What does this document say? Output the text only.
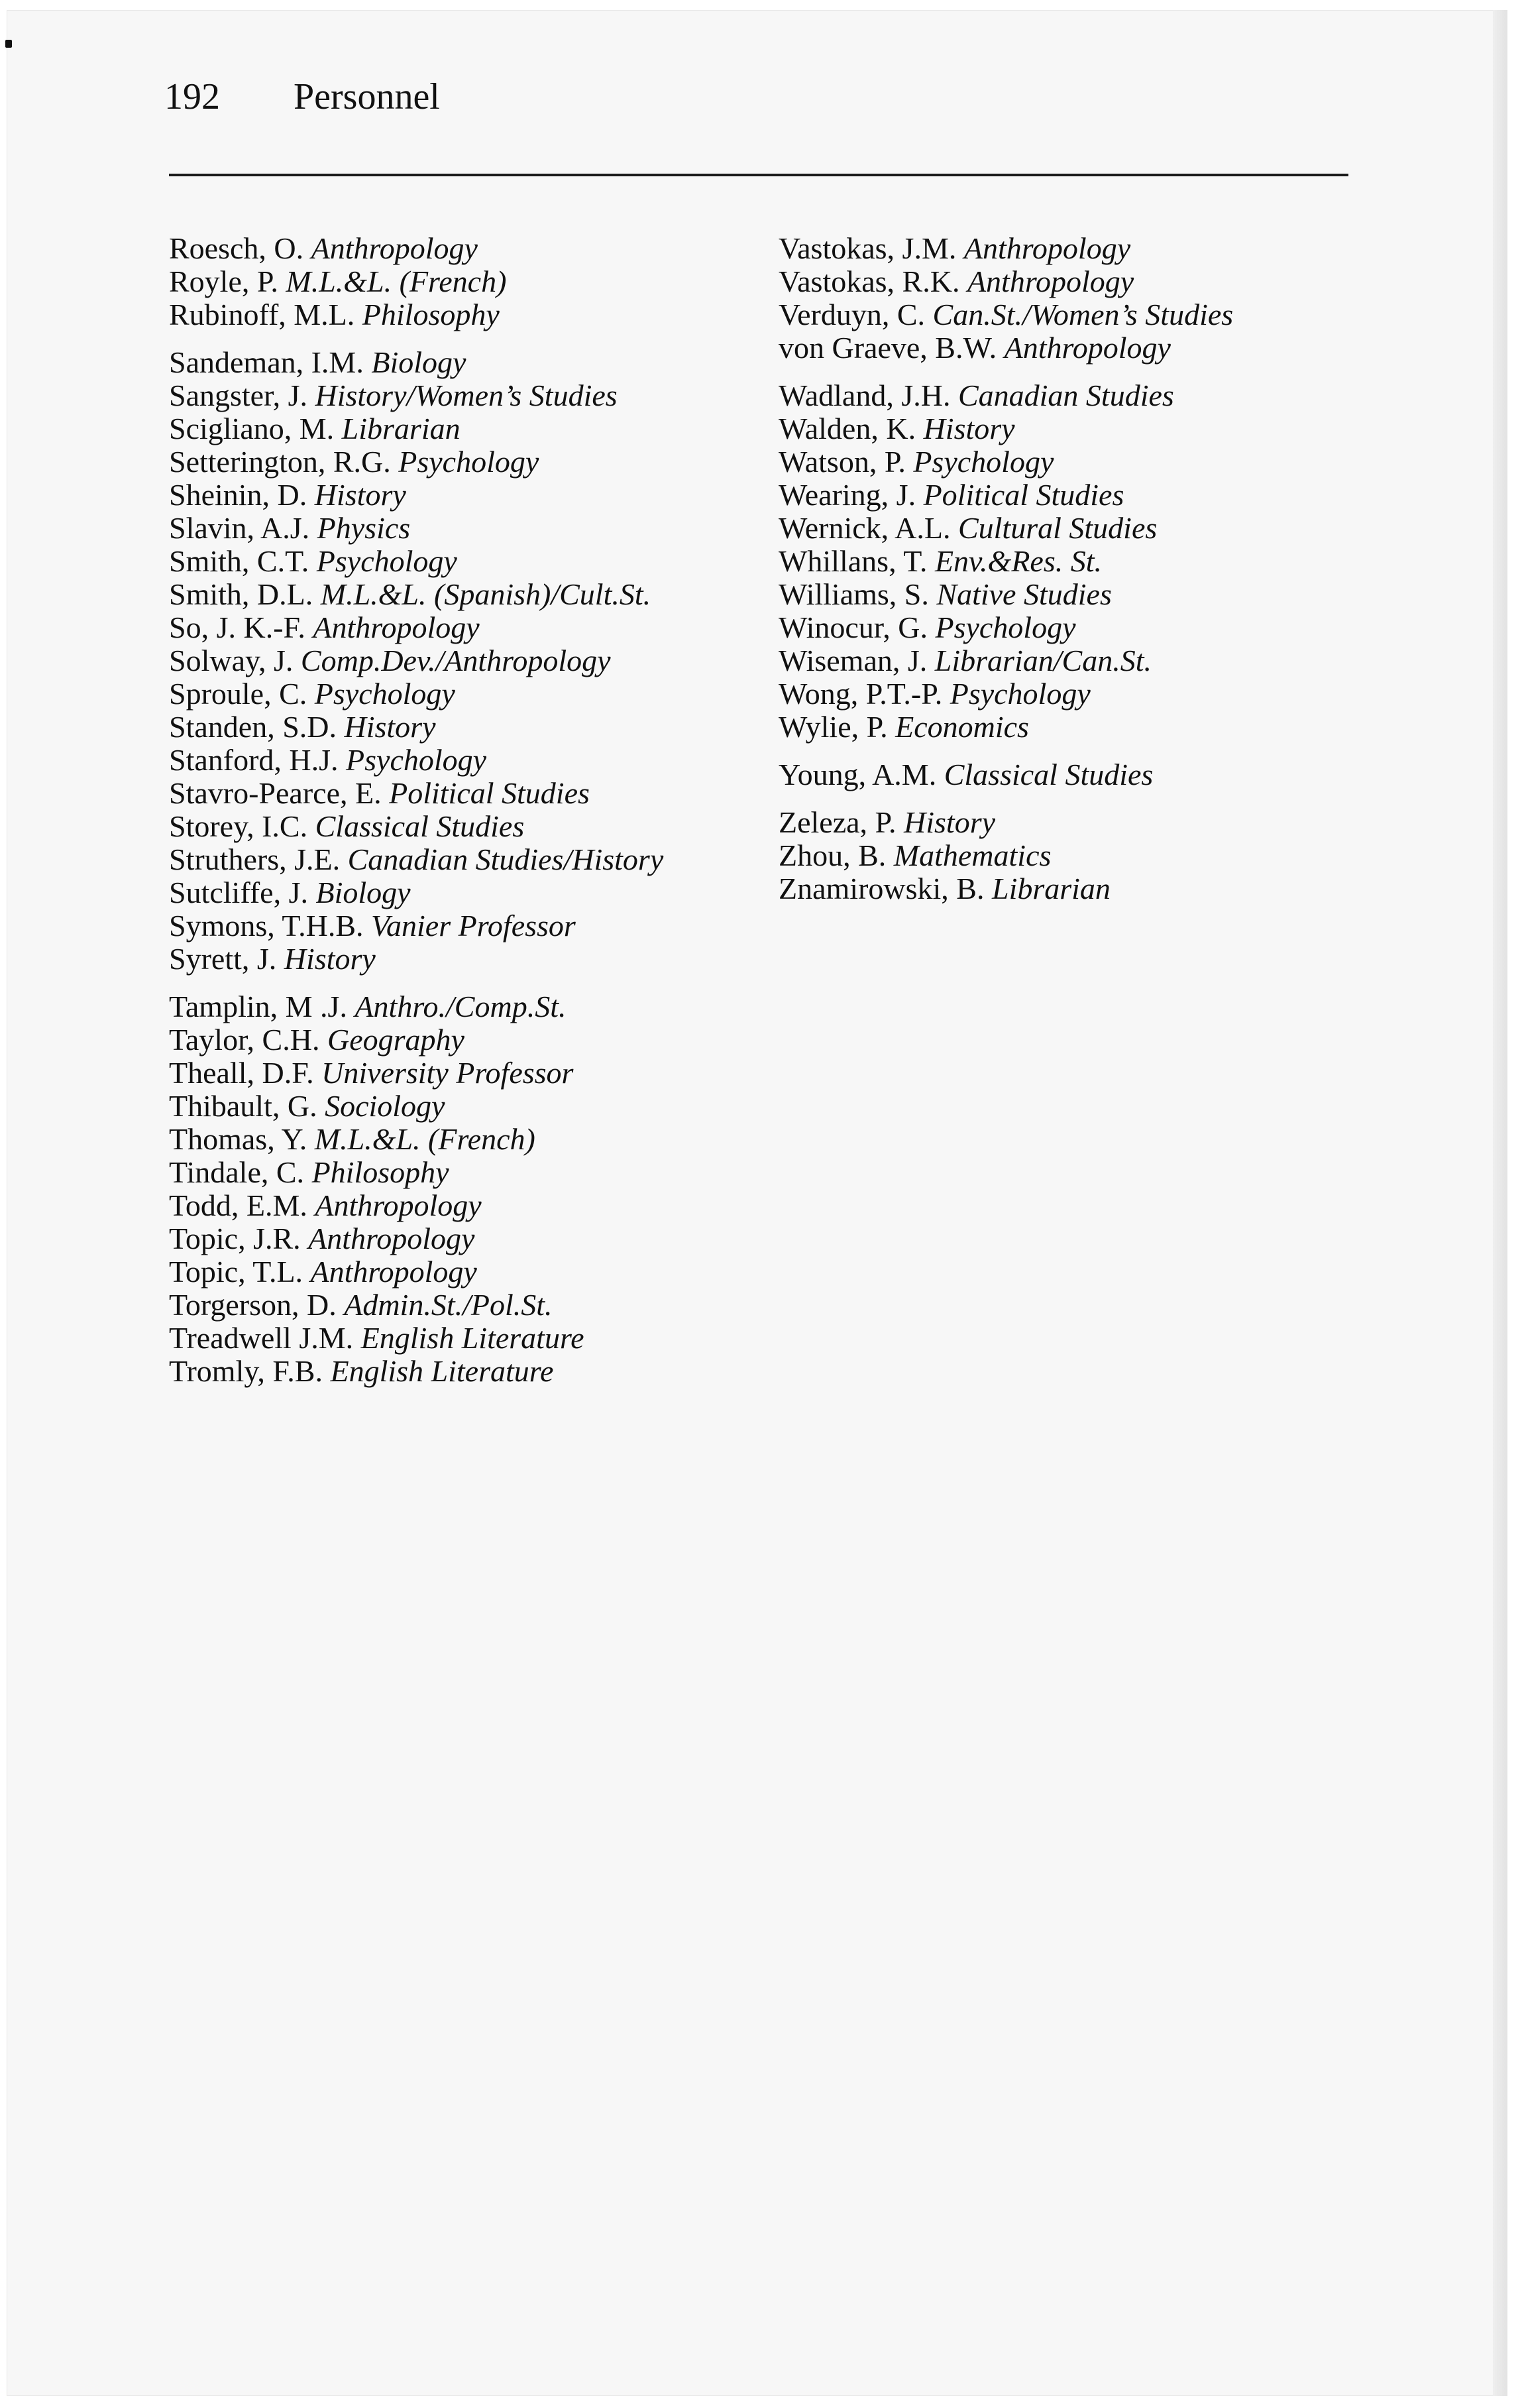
192 Personnel
Roesch, O. Anthropology
Royle, P. M.L.&L. (French)
Rubinoff, M.L. Philosophy
Sandeman, I.M. Biology
Sangster, J. History/Women’s Studies
Scigliano, M. Librarian
Setterington, R.G. Psychology
Sheinin, D. History
Slavin, A.J. Physics
Smith, C.T. Psychology
Smith, D.L. M.L.&L. (Spanish)/Cult.St.
So, J. K.-F. Anthropology
Solway, J. Comp.Dev./Anthropology
Sproule, C. Psychology
Standen, S.D. History
Stanford, H.J. Psychology
Stavro-Pearce, E. Political Studies
Storey, I.C. Classical Studies
Struthers, J.E. Canadian Studies/History
Sutcliffe, J. Biology
Symons, T.H.B. Vanier Professor
Syrett, J. History
Tamplin, M .J. Anthro./Comp.St.
Taylor, C.H. Geography
Theall, D.F. University Professor
Thibault, G. Sociology
Thomas, Y. M.L.&L. (French)
Tindale, C. Philosophy
Todd, E.M. Anthropology
Topic, J.R. Anthropology
Topic, T.L. Anthropology
Torgerson, D. Admin.St./Pol.St.
Treadwell J.M. English Literature
Tromly, F.B. English Literature
Vastokas, J.M. Anthropology
Vastokas, R.K. Anthropology
Verduyn, C. Can.St./Women’s Studies
von Graeve, B.W. Anthropology
Wadland, J.H. Canadian Studies
Walden, K. History
Watson, P. Psychology
Wearing, J. Political Studies
Wernick, A.L. Cultural Studies
Whillans, T. Env.&Res. St.
Williams, S. Native Studies
Winocur, G. Psychology
Wiseman, J. Librarian/Can.St.
Wong, P.T.-P. Psychology
Wylie, P. Economics
Young, A.M. Classical Studies
Zeleza, P. History
Zhou, B. Mathematics
Znamirowski, B. Librarian
